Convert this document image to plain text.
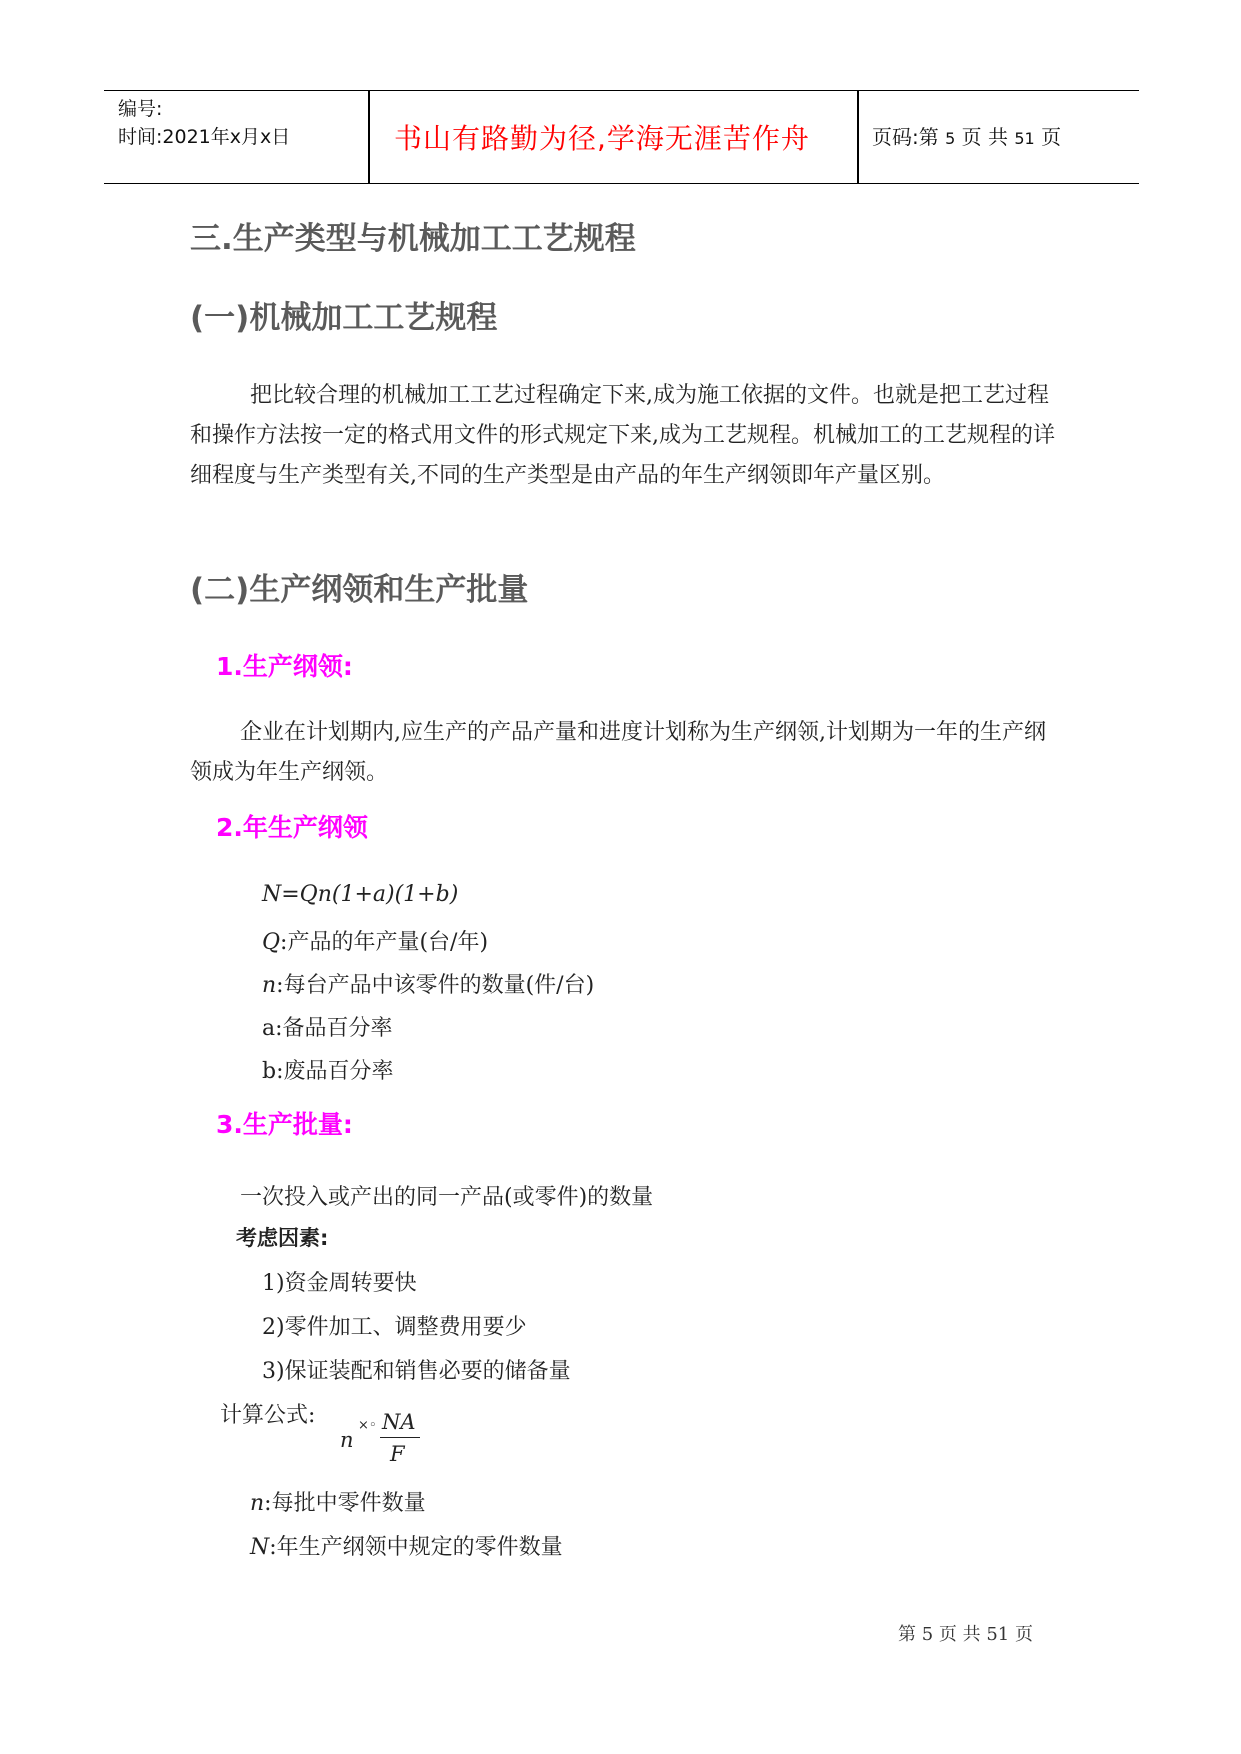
编号:
时间:2021年x月x日	书山有路勤为径,学海无涯苦作舟	页码:第 5 页 共 51 页
三.生产类型与机械加工工艺规程
(一)机械加工工艺规程

把比较合理的机械加工工艺过程确定下来,成为施工依据的文件。也就是把工艺过程和操作方法按一定的格式用文件的形式规定下来,成为工艺规程。机械加工的工艺规程的详细程度与生产类型有关,不同的生产类型是由产品的年生产纲领即年产量区别。

(二)生产纲领和生产批量
1.生产纲领:

企业在计划期内,应生产的产品产量和进度计划称为生产纲领,计划期为一年的生产纲领成为年生产纲领。

2.年生产纲领
N=Qn(1+a)(1+b)
Q:产品的年产量(台/年)
n:每台产品中该零件的数量(件/台)
a:备品百分率
b:废品百分率
3.生产批量:
一次投入或产出的同一产品(或零件)的数量
考虑因素:
1)资金周转要快
2)零件加工、调整费用要少
3)保证装配和销售必要的储备量
计算公式:
n
×◦ NA
F
n:每批中零件数量
N:年生产纲领中规定的零件数量
第 5 页 共 51 页
